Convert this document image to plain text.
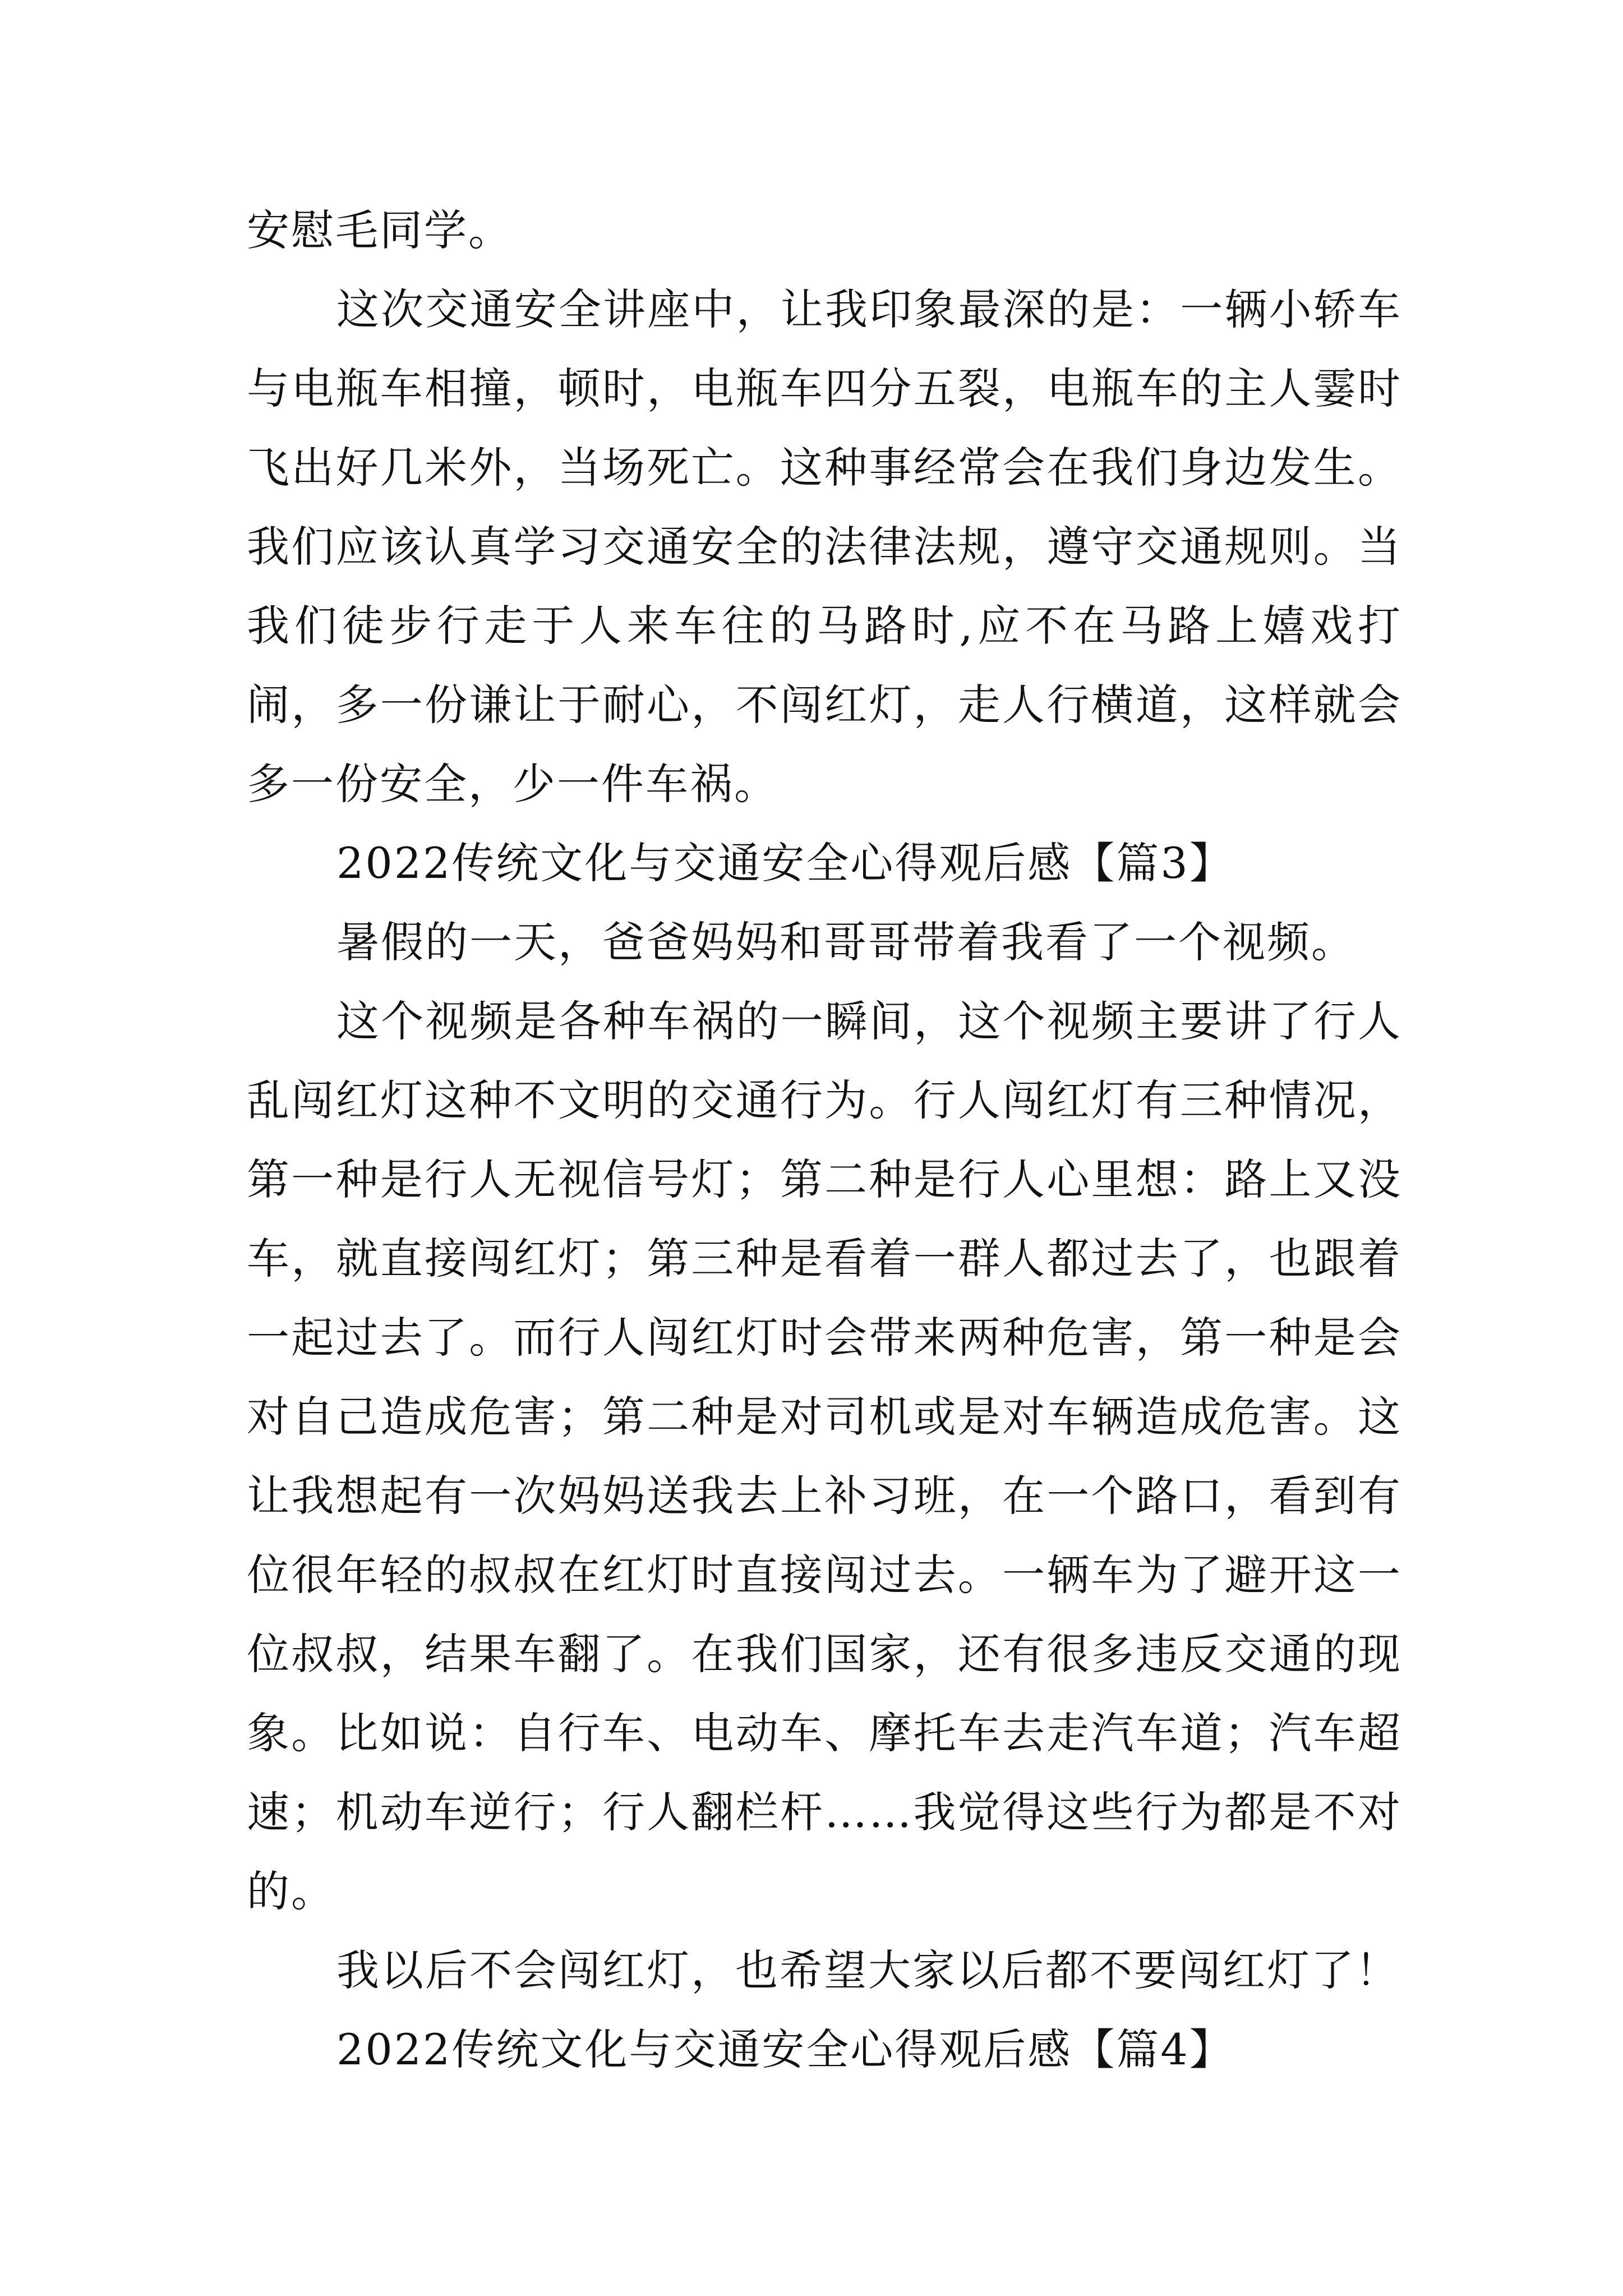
安慰毛同学。

这次交通安全讲座中，让我印象最深的是：一辆小轿车与电瓶车相撞，顿时，电瓶车四分五裂，电瓶车的主人霎时飞出好几米外，当场死亡。这种事经常会在我们身边发生。我们应该认真学习交通安全的法律法规，遵守交通规则。当我们徒步行走于人来车往的马路时,应不在马路上嬉戏打闹，多一份谦让于耐心，不闯红灯，走人行横道，这样就会多一份安全，少一件车祸。

2022传统文化与交通安全心得观后感【篇3】

暑假的一天，爸爸妈妈和哥哥带着我看了一个视频。

这个视频是各种车祸的一瞬间，这个视频主要讲了行人乱闯红灯这种不文明的交通行为。行人闯红灯有三种情况，第一种是行人无视信号灯；第二种是行人心里想：路上又没车，就直接闯红灯；第三种是看着一群人都过去了，也跟着一起过去了。而行人闯红灯时会带来两种危害，第一种是会对自己造成危害；第二种是对司机或是对车辆造成危害。这让我想起有一次妈妈送我去上补习班，在一个路口，看到有位很年轻的叔叔在红灯时直接闯过去。一辆车为了避开这一位叔叔，结果车翻了。在我们国家，还有很多违反交通的现象。比如说：自行车、电动车、摩托车去走汽车道；汽车超速；机动车逆行；行人翻栏杆……我觉得这些行为都是不对的。

我以后不会闯红灯，也希望大家以后都不要闯红灯了！

2022传统文化与交通安全心得观后感【篇4】
